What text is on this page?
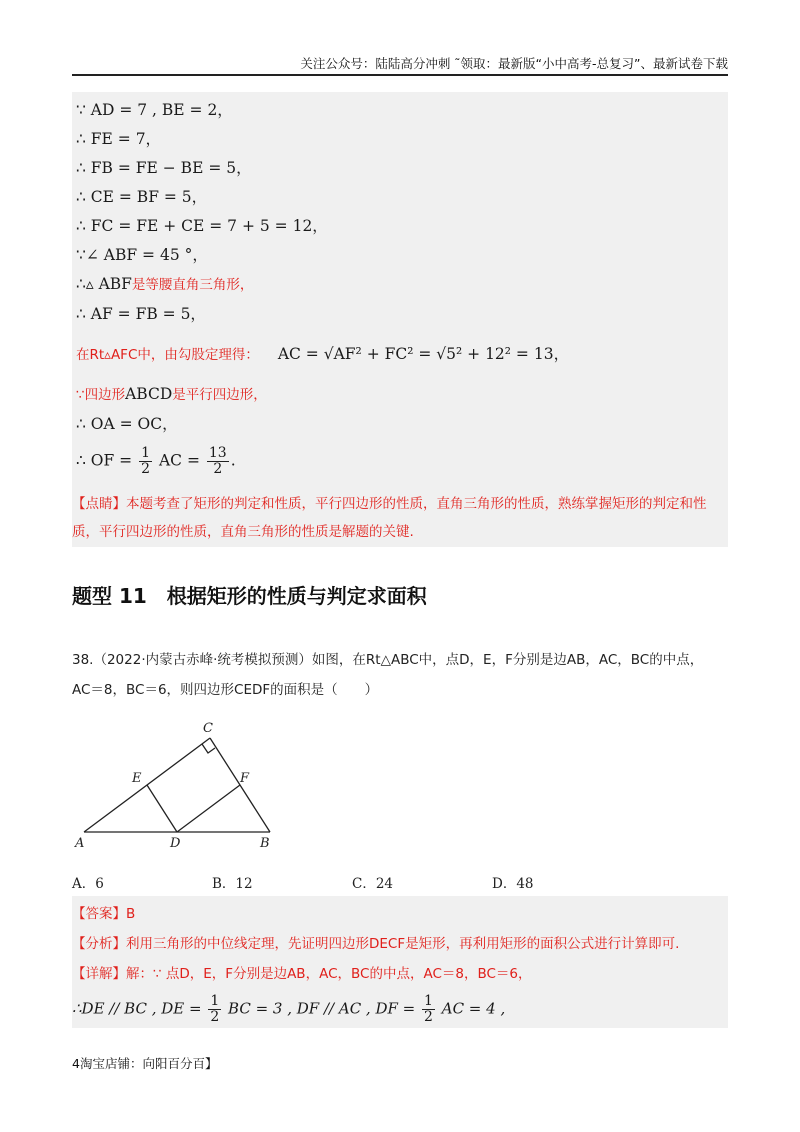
关注公众号：陆陆高分冲刺 ˜领取：最新版“小中高考-总复习”、最新试卷下载
∵ AD = 7 , BE = 2，
∴ FE = 7，
∴ FB = FE − BE = 5，
∴ CE = BF = 5，
∴ FC = FE + CE = 7 + 5 = 12，
∵∠ ABF = 45 °，
∴▵ ABF是等腰直角三角形，
∴ AF = FB = 5，
在Rt▵AFC中，由勾股定理得： AC = √AF² + FC² = √5² + 12² = 13，
∵四边形ABCD是平行四边形，
∴ OA = OC，
∴ OF = $\frac{1}{2}$ AC = $\frac{13}{2}$ .
【点睛】本题考查了矩形的判定和性质，平行四边形的性质，直角三角形的性质，熟练掌握矩形的判定和性质，平行四边形的性质，直角三角形的性质是解题的关键.
题型 11　根据矩形的性质与判定求面积
38.（2022·内蒙古赤峰·统考模拟预测）如图，在Rt△ABC中，点D，E，F分别是边AB，AC，BC的中点，
AC＝8，BC＝6，则四边形CEDF的面积是（　　）
A	B
C
D
E	F
A．6	B．12	C．24	D．48
【答案】B
【分析】利用三角形的中位线定理，先证明四边形DECF是矩形，再利用矩形的面积公式进行计算即可.
【详解】解：∵ 点D，E，F分别是边AB，AC，BC的中点，AC＝8，BC＝6，
∴DE // BC , DE = $\frac{1}{2}$ BC = 3 , DF // AC , DF = $\frac{1}{2}$ AC = 4 ,
4淘宝店铺：向阳百分百】
